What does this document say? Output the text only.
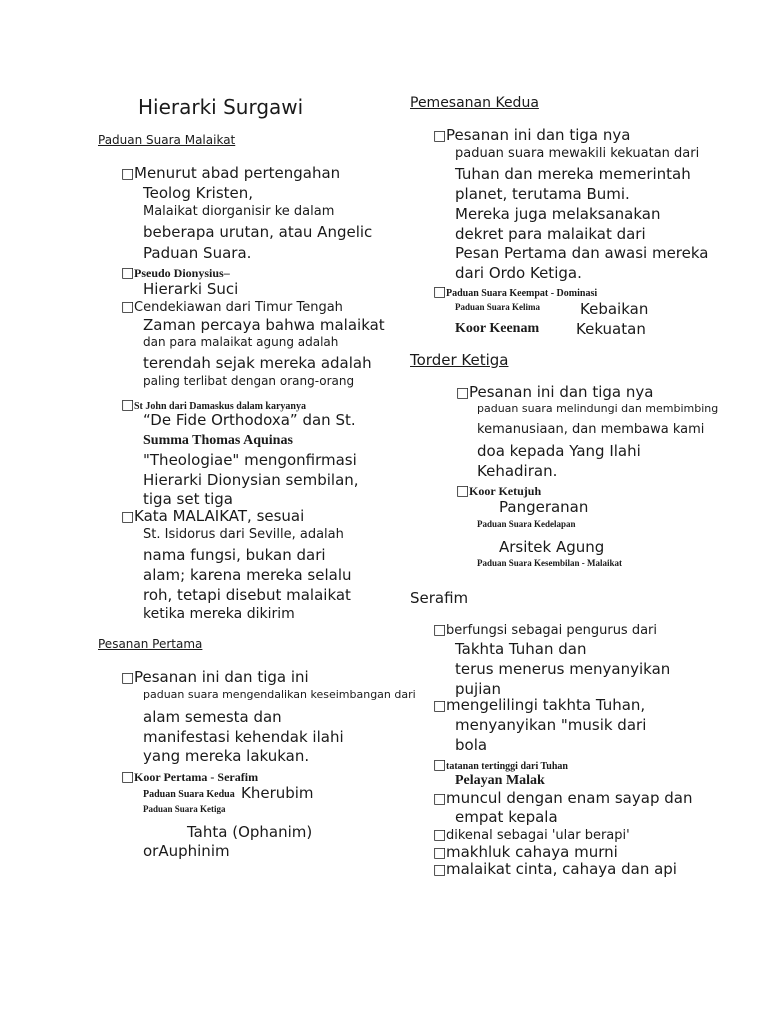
Hierarki Surgawi
Paduan Suara Malaikat
□Menurut abad pertengahan
Teolog Kristen,
Malaikat diorganisir ke dalam
beberapa urutan, atau Angelic
Paduan Suara.
□Pseudo Dionysius–
Hierarki Suci
□Cendekiawan dari Timur Tengah
Zaman percaya bahwa malaikat
dan para malaikat agung adalah
terendah sejak mereka adalah
paling terlibat dengan orang-orang
□St John dari Damaskus dalam karyanya
“De Fide Orthodoxa” dan St.
Summa Thomas Aquinas
"Theologiae" mengonfirmasi
Hierarki Dionysian sembilan,
tiga set tiga
□Kata MALAIKAT, sesuai
St. Isidorus dari Seville, adalah
nama fungsi, bukan dari
alam; karena mereka selalu
roh, tetapi disebut malaikat
ketika mereka dikirim
Pesanan Pertama
□Pesanan ini dan tiga ini
paduan suara mengendalikan keseimbangan dari
alam semesta dan
manifestasi kehendak ilahi
yang mereka lakukan.
□Koor Pertama - Serafim
Paduan Suara Kedua Kherubim
Paduan Suara Ketiga
Tahta (Ophanim)
orAuphinim
Pemesanan Kedua
□Pesanan ini dan tiga nya
paduan suara mewakili kekuatan dari
Tuhan dan mereka memerintah
planet, terutama Bumi.
Mereka juga melaksanakan
dekret para malaikat dari
Pesan Pertama dan awasi mereka
dari Ordo Ketiga.
□Paduan Suara Keempat - Dominasi
Paduan Suara Kelima	Kebaikan
Koor Keenam Kekuatan
Torder Ketiga
□Pesanan ini dan tiga nya
paduan suara melindungi dan membimbing
kemanusiaan, dan membawa kami
doa kepada Yang Ilahi
Kehadiran.
□Koor Ketujuh
Pangeranan
Paduan Suara Kedelapan
Arsitek Agung
Paduan Suara Kesembilan - Malaikat
Serafim
□berfungsi sebagai pengurus dari
Takhta Tuhan dan
terus menerus menyanyikan
pujian
□mengelilingi takhta Tuhan,
menyanyikan "musik dari
bola
□tatanan tertinggi dari Tuhan
Pelayan Malak
□muncul dengan enam sayap dan
empat kepala
□dikenal sebagai 'ular berapi'
□makhluk cahaya murni
□malaikat cinta, cahaya dan api
